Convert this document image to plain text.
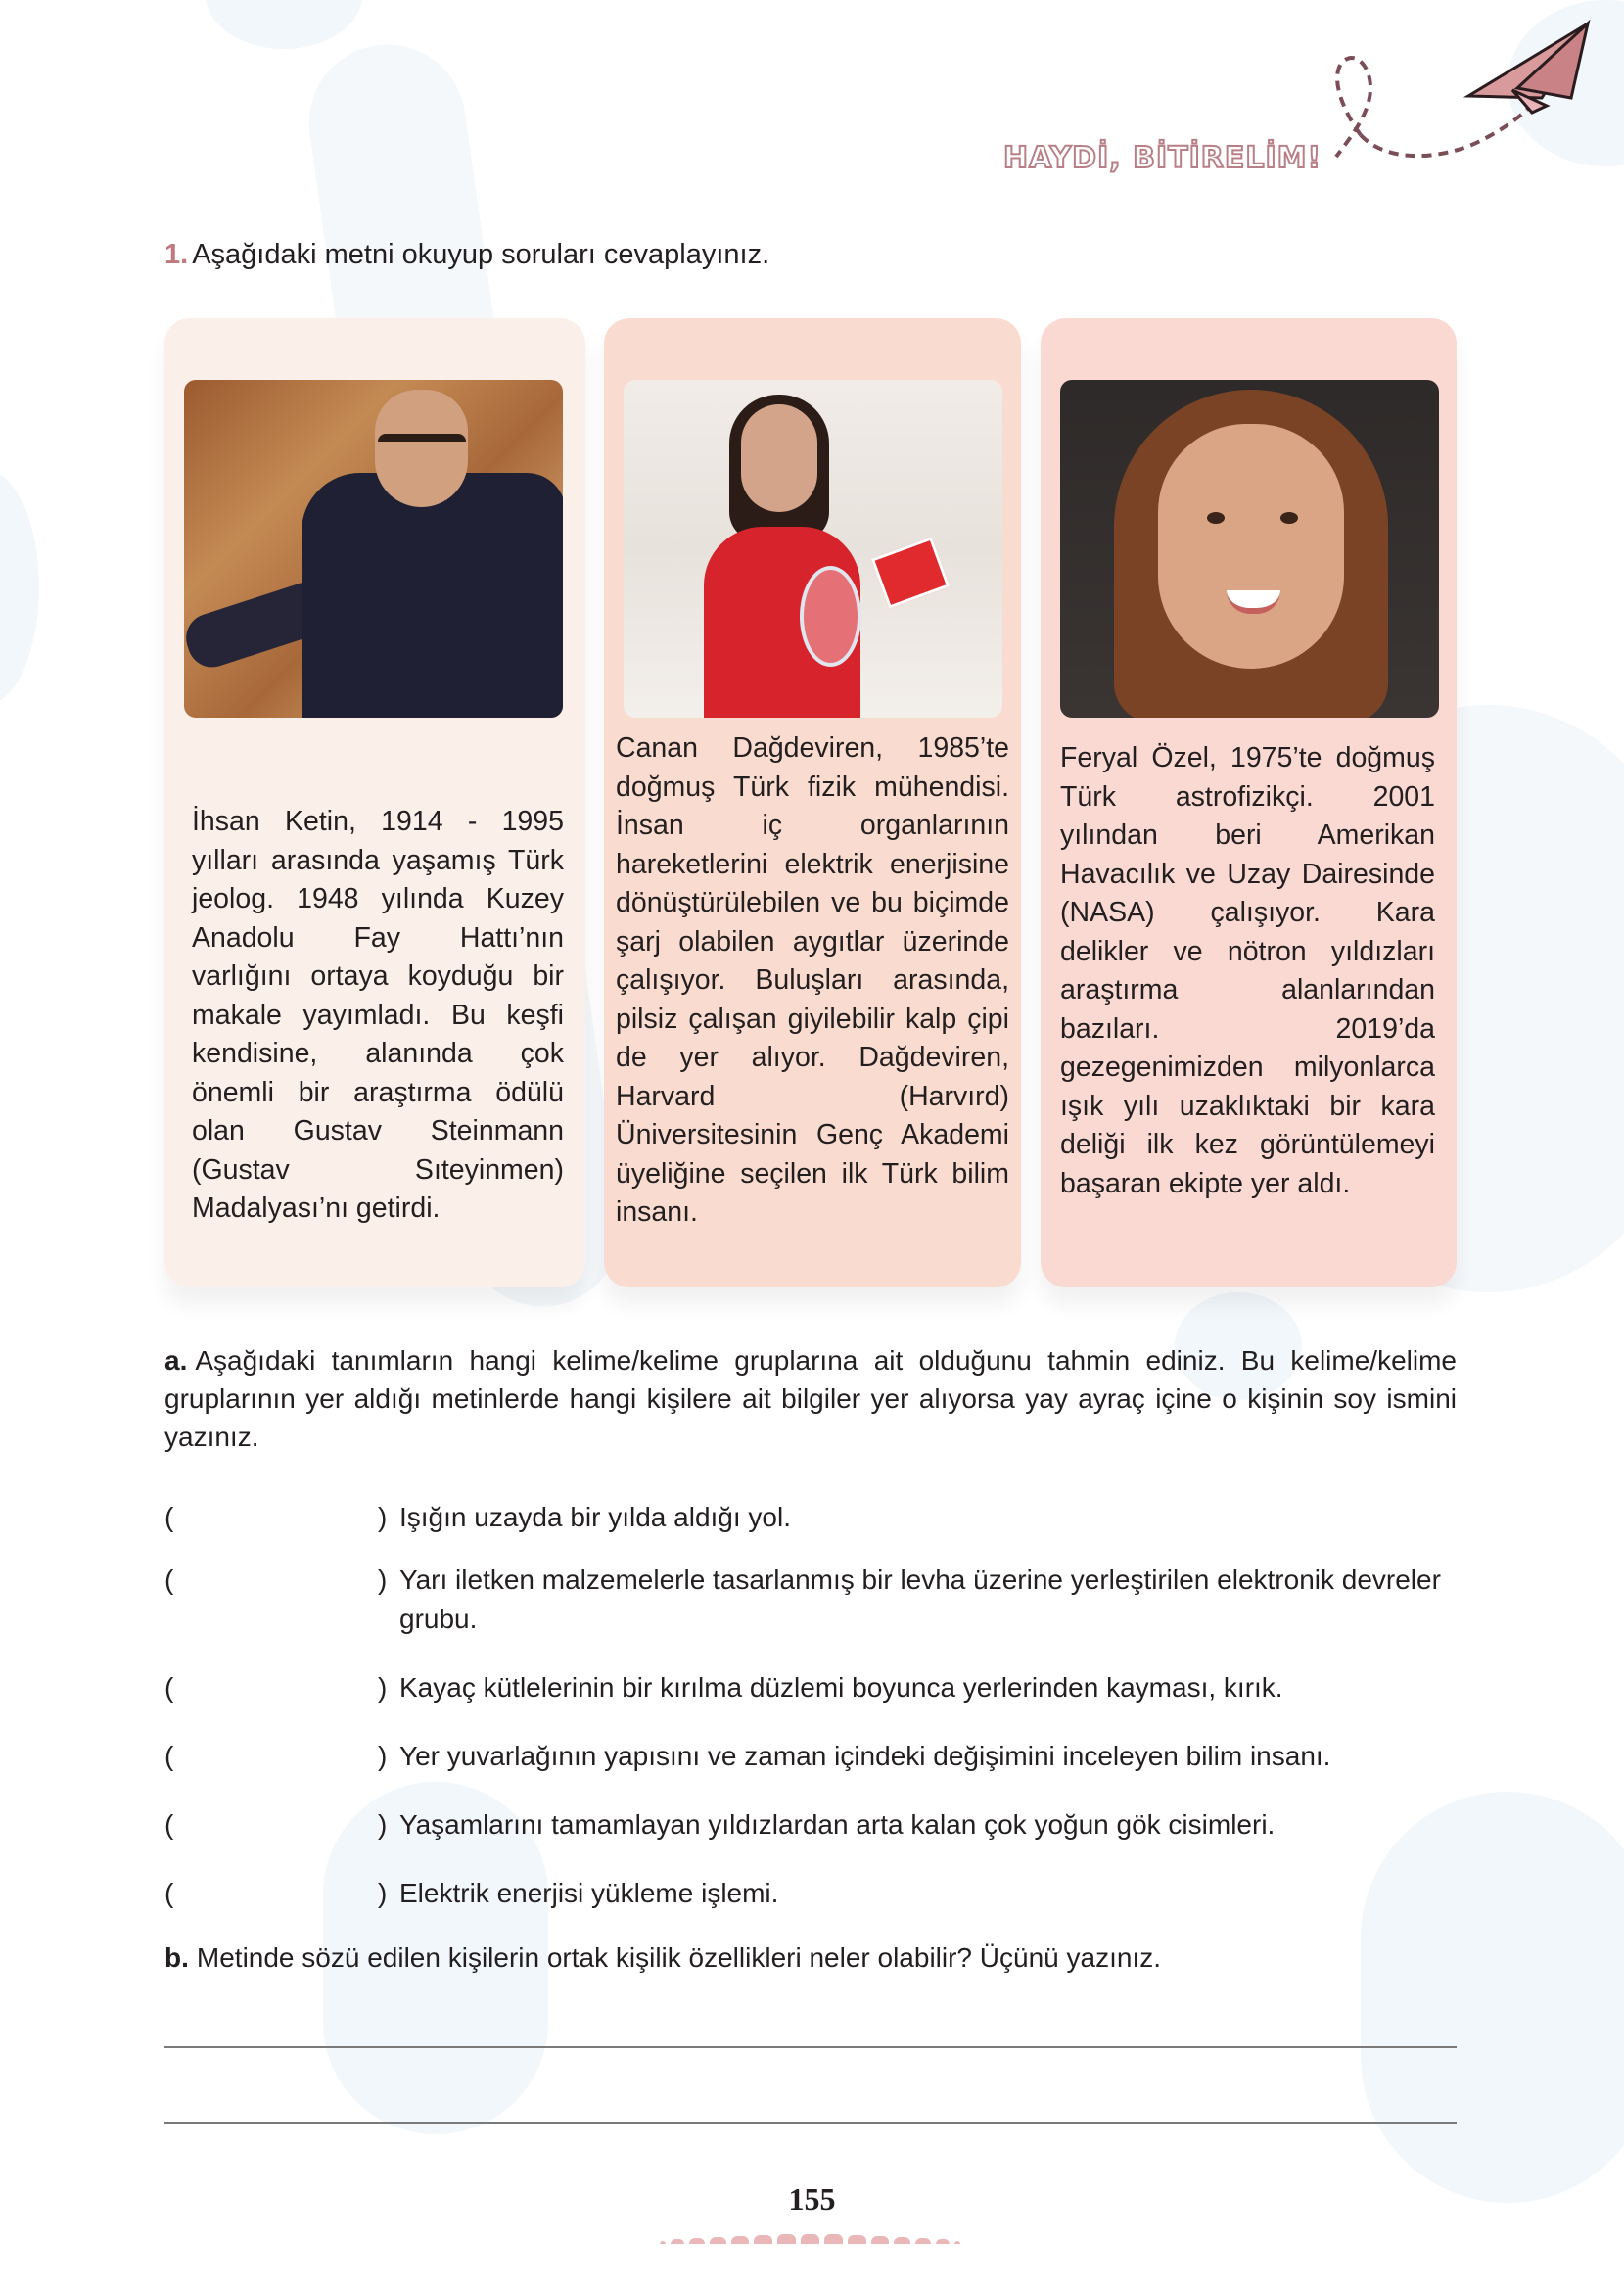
HAYDİ, BİTİRELİM!
1. Aşağıdaki metni okuyup soruları cevaplayınız.
İhsan Ketin, 1914 - 1995 yılları arasında yaşamış Türk jeolog. 1948 yılında Kuzey Anadolu Fay Hattı’nın varlığını ortaya koyduğu bir makale yayımladı. Bu keşfi kendisine, alanında çok önemli bir araştırma ödülü olan Gustav Steinmann (Gustav Sıteyinmen) Madalyası’nı getirdi.
Canan Dağdeviren, 1985’te doğmuş Türk fizik mühendisi. İnsan iç organlarının hareketlerini elektrik enerjisine dönüştürülebilen ve bu biçimde şarj olabilen aygıtlar üzerinde çalışıyor. Buluşları arasında, pilsiz çalışan giyilebilir kalp çipi de yer alıyor. Dağdeviren, Harvard (Harvırd) Üniversitesinin Genç Akademi üyeliğine seçilen ilk Türk bilim insanı.
Feryal Özel, 1975’te doğmuş Türk astrofizikçi. 2001 yılından beri Amerikan Havacılık ve Uzay Dairesinde (NASA) çalışıyor. Kara delikler ve nötron yıldızları araştırma alanlarından bazıları. 2019’da gezegenimizden milyonlarca ışık yılı uzaklıktaki bir kara deliği ilk kez görüntülemeyi başaran ekipte yer aldı.
a. Aşağıdaki tanımların hangi kelime/kelime gruplarına ait olduğunu tahmin ediniz. Bu kelime/kelime gruplarının yer aldığı metinlerde hangi kişilere ait bilgiler yer alıyorsa yay ayraç içine o kişinin soy ismini yazınız.
(	) Işığın uzayda bir yılda aldığı yol.
(	) Yarı iletken malzemelerle tasarlanmış bir levha üzerine yerleştirilen elektronik devreler grubu.
(	) Kayaç kütlelerinin bir kırılma düzlemi boyunca yerlerinden kayması, kırık.
(	) Yer yuvarlağının yapısını ve zaman içindeki değişimini inceleyen bilim insanı.
(	) Yaşamlarını tamamlayan yıldızlardan arta kalan çok yoğun gök cisimleri.
(	) Elektrik enerjisi yükleme işlemi.
b. Metinde sözü edilen kişilerin ortak kişilik özellikleri neler olabilir? Üçünü yazınız.
155
